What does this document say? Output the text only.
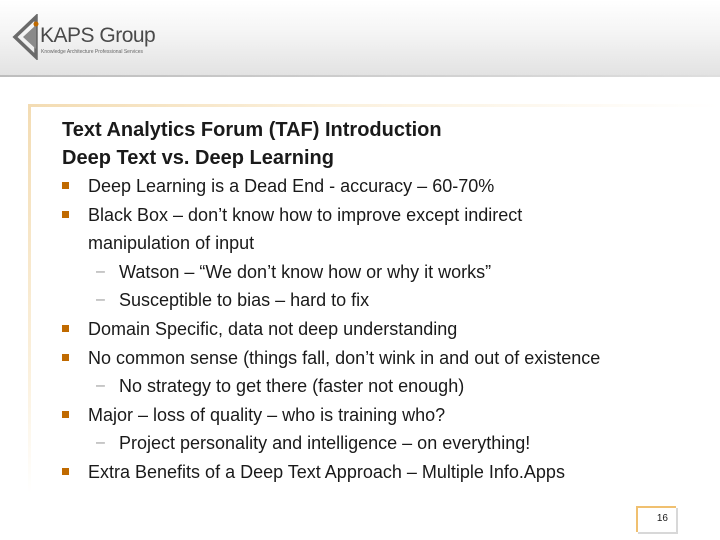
KAPS Group
Knowledge Architecture Professional Services
Text Analytics Forum (TAF) Introduction
Deep Text vs. Deep Learning
Deep Learning is a Dead End - accuracy – 60-70%
Black Box – don’t know how to improve except indirect
manipulation of input
– Watson – “We don’t know how or why it works”
– Susceptible to bias – hard to fix
Domain Specific, data not deep understanding
No common sense (things fall, don’t wink in and out of existence
– No strategy to get there (faster not enough)
Major – loss of quality – who is training who?
– Project personality and intelligence – on everything!
Extra Benefits of a Deep Text Approach – Multiple Info.Apps
16
